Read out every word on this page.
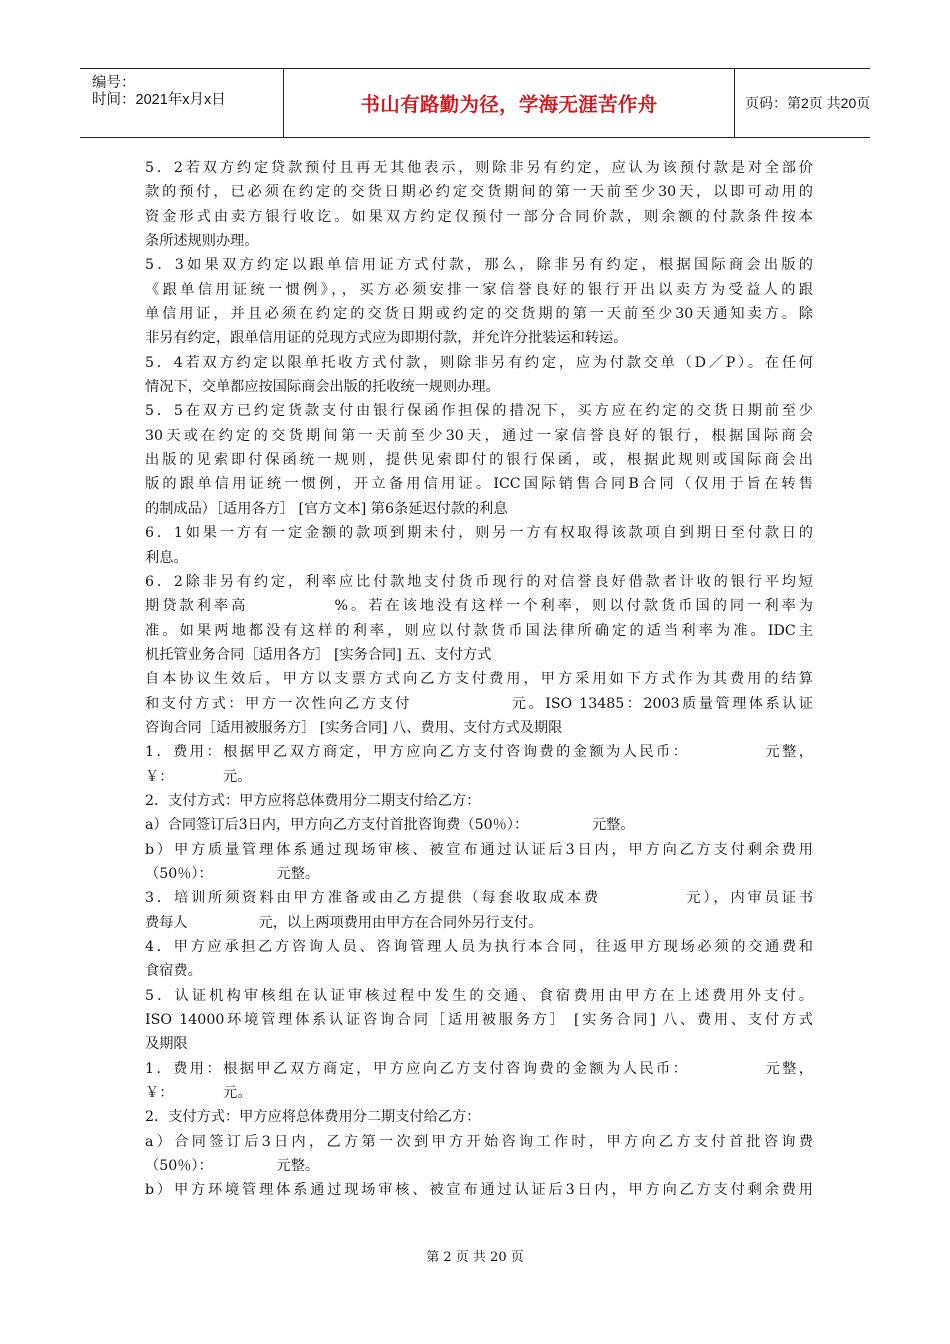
编号：
时间：2021年x月x日	书山有路勤为径，学海无涯苦作舟	页码：第2页 共20页
5．2若双方约定贷款预付且再无其他表示，则除非另有约定，应认为该预付款是对全部价
款的预付，已必须在约定的交货日期必约定交货期间的第一天前至少30天，以即可动用的
资金形式由卖方银行收讫。如果双方约定仅预付一部分合同价款，则余额的付款条件按本
条所述规则办理。
5．3如果双方约定以跟单信用证方式付款，那么，除非另有约定，根据国际商会出版的
《跟单信用证统一惯例》，，买方必须安排一家信誉良好的银行开出以卖方为受益人的跟
单信用证，并且必须在约定的交货日期或约定的交货期的第一天前至少30天通知卖方。除
非另有约定，跟单信用证的兑现方式应为即期付款，并允许分批装运和转运。
5．4若双方约定以限单托收方式付款，则除非另有约定，应为付款交单（D／P）。在任何
情况下，交单都应按国际商会出版的托收统一规则办理。
5．5在双方已约定货款支付由银行保函作担保的措况下，买方应在约定的交货日期前至少
30天或在约定的交货期间第一天前至少30天，通过一家信誉良好的银行，根据国际商会
出版的见索即付保函统一规则，提供见索即付的银行保函，或，根据此规则或国际商会出
版的跟单信用证统一惯例，开立备用信用证。ICC国际销售合同B合同（仅用于旨在转售
的制成品）［适用各方］ [官方文本] 第6条延迟付款的利息
6．1如果一方有一定金额的款项到期未付，则另一方有权取得该款项自到期日至付款日的
利息。
6．2除非另有约定，利率应比付款地支付货币现行的对信誉良好借款者计收的银行平均短
期贷款利率高　　　　　%。若在该地没有这样一个利率，则以付款货币国的同一利率为
准。如果两地都没有这样的利率，则应以付款货币国法律所确定的适当利率为准。IDC主
机托管业务合同［适用各方］ [实务合同] 五、支付方式
自本协议生效后，甲方以支票方式向乙方支付费用，甲方采用如下方式作为其费用的结算
和支付方式：甲方一次性向乙方支付　　　　　　元。ISO 13485：2003质量管理体系认证
咨询合同［适用被服务方］ [实务合同] 八、费用、支付方式及期限
1．费用：根据甲乙双方商定，甲方应向乙方支付咨询费的金额为人民币：　　　　　元整，
￥：　　　　元。
2．支付方式：甲方应将总体费用分二期支付给乙方：
a）合同签订后3日内，甲方向乙方支付首批咨询费（50％）：　　　　　元整。
b）甲方质量管理体系通过现场审核、被宣布通过认证后3日内，甲方向乙方支付剩余费用
（50％）：　　　　　元整。
3．培训所须资料由甲方准备或由乙方提供（每套收取成本费　　　　　元），内审员证书
费每人　　　　　元，以上两项费用由甲方在合同外另行支付。
4．甲方应承担乙方咨询人员、咨询管理人员为执行本合同，往返甲方现场必须的交通费和
食宿费。
5．认证机构审核组在认证审核过程中发生的交通、食宿费用由甲方在上述费用外支付。
ISO 14000环境管理体系认证咨询合同［适用被服务方］ [实务合同] 八、费用、支付方式
及期限
1．费用：根据甲乙双方商定，甲方应向乙方支付咨询费的金额为人民币：　　　　　元整，
￥：　　　　元。
2．支付方式：甲方应将总体费用分二期支付给乙方：
a）合同签订后3日内，乙方第一次到甲方开始咨询工作时，甲方向乙方支付首批咨询费
（50％）：　　　　　元整。
b）甲方环境管理体系通过现场审核、被宣布通过认证后3日内，甲方向乙方支付剩余费用
第 2 页 共 20 页
